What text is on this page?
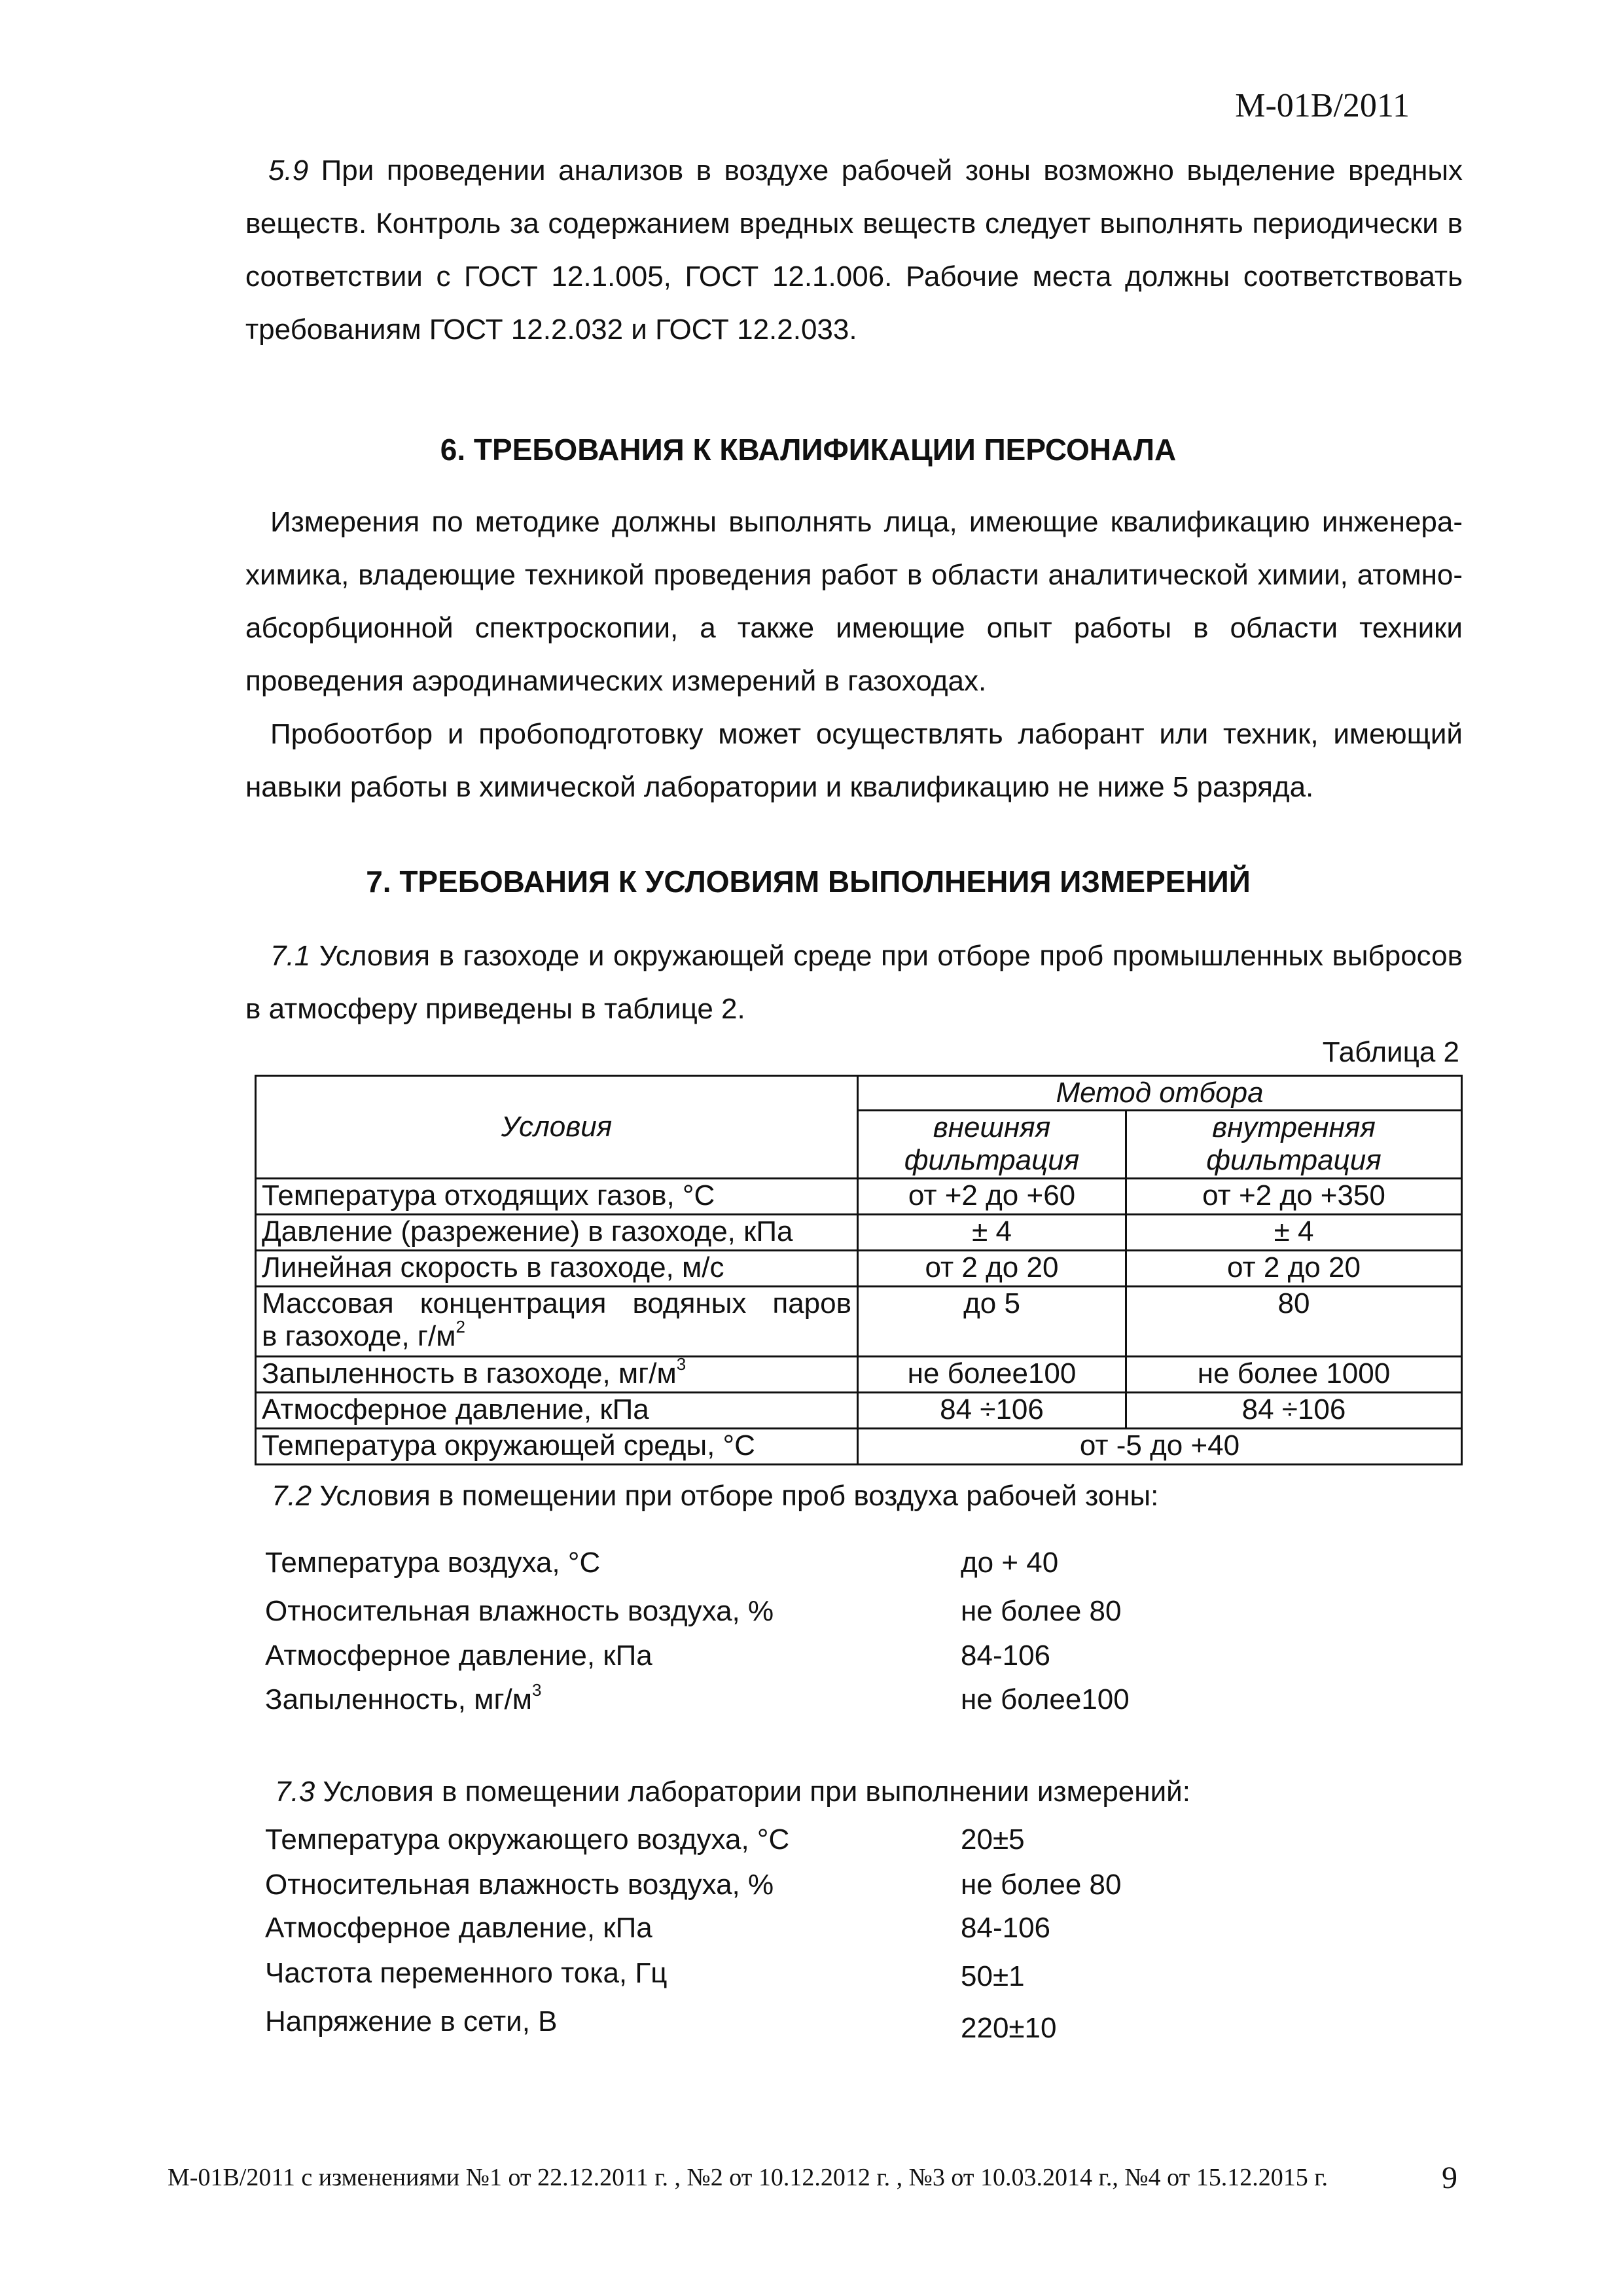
M-01B/2011

5.9 При проведении анализов в воздухе рабочей зоны возможно выделение вредных веществ. Контроль за содержанием вредных веществ следует выполнять периодически в соответствии с ГОСТ 12.1.005, ГОСТ 12.1.006. Рабочие места должны соответствовать требованиям ГОСТ 12.2.032 и ГОСТ 12.2.033.

6. ТРЕБОВАНИЯ К КВАЛИФИКАЦИИ ПЕРСОНАЛА

Измерения по методике должны выполнять лица, имеющие квалификацию инженера-химика, владеющие техникой проведения работ в области аналитической химии, атомно-абсорбционной спектроскопии, а также имеющие опыт работы в области техники проведения аэродинамических измерений в газоходах.

Пробоотбор и пробоподготовку может осуществлять лаборант или техник, имеющий навыки работы в химической лаборатории и квалификацию не ниже 5 разряда.

7. ТРЕБОВАНИЯ К УСЛОВИЯМ ВЫПОЛНЕНИЯ ИЗМЕРЕНИЙ

7.1 Условия в газоходе и окружающей среде при отборе проб промышленных выбросов в атмосферу приведены в таблице 2.

Таблица 2
Условия	Метод отбора	
	внешняя фильтрация	внутренняя фильтрация
Температура отходящих газов, °С	от +2 до +60	от +2 до +350
Давление (разрежение) в газоходе, кПа	± 4	± 4
Линейная скорость в газоходе, м/с	от 2 до 20	от 2 до 20

Массовая концентрация водяных паров
в газоходе, $г/м^2$	до 5	80
Запыленность в газоходе, $мг/м^3$	не более100	не более 1000
Атмосферное давление, кПа	84 ÷106	84 ÷106
Температура окружающей среды, °С	от -5 до +40	

7.2 Условия в помещении при отборе проб воздуха рабочей зоны:

Температура воздуха, °С	до + 40
Относительная влажность воздуха, %	не более 80
Атмосферное давление, кПа	84-106
Запыленность, $мг/м^3$	не более100

7.3 Условия в помещении лаборатории при выполнении измерений:

Температура окружающего воздуха, °С	20±5
Относительная влажность воздуха, %	не более 80
Атмосферное давление, кПа	84-106
Частота переменного тока, Гц	50±1
Напряжение в сети, В	220±10
М-01В/2011 с изменениями №1 от 22.12.2011 г. , №2 от 10.12.2012 г. , №3 от 10.03.2014 г., №4 от 15.12.2015 г.	9
